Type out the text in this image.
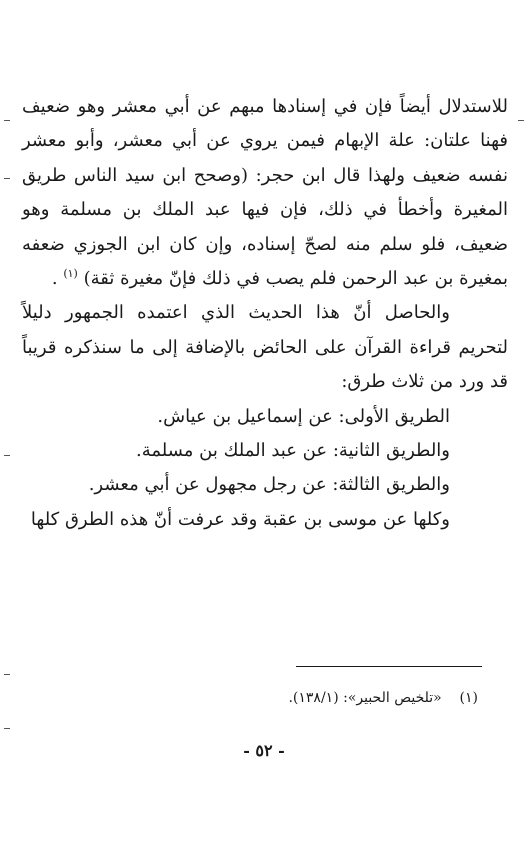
للاستدلال أيضاً فإن في إسنادها مبهم عن أبي معشر وهو ضعيف فهنا علتان: علة الإبهام فيمن يروي عن أبي معشر، وأبو معشر نفسه ضعيف ولهذا قال ابن حجر: (وصحح ابن سيد الناس طريق المغيرة وأخطأ في ذلك، فإن فيها عبد الملك بن مسلمة وهو ضعيف، فلو سلم منه لصحّ إسناده، وإن كان ابن الجوزي ضعفه بمغيرة بن عبد الرحمن فلم يصب في ذلك فإنّ مغيرة ثقة) $^{(١)}$ .

والحاصل أنّ هذا الحديث الذي اعتمده الجمهور دليلاً لتحريم قراءة القرآن على الحائض بالإضافة إلى ما سنذكره قريباً قد ورد من ثلاث طرق:

الطريق الأولى: عن إسماعيل بن عياش.

والطريق الثانية: عن عبد الملك بن مسلمة.

والطريق الثالثة: عن رجل مجهول عن أبي معشر.

وكلها عن موسى بن عقبة وقد عرفت أنّ هذه الطرق كلها

(١)    «تلخيص الحبير»: (١٣٨/١).
- ٥٢ -
